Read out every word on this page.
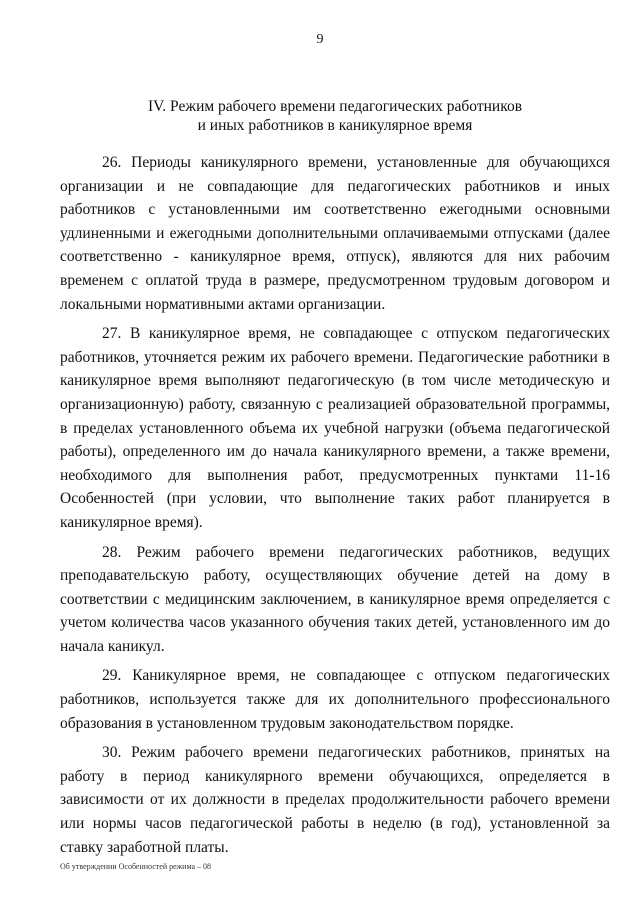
9
IV. Режим рабочего времени педагогических работников
и иных работников в каникулярное время

26. Периоды каникулярного времени, установленные для обучающихся организации и не совпадающие для педагогических работников и иных работников с установленными им соответственно ежегодными основными удлиненными и ежегодными дополнительными оплачиваемыми отпусками (далее соответственно - каникулярное время, отпуск), являются для них рабочим временем с оплатой труда в размере, предусмотренном трудовым договором и локальными нормативными актами организации.

27. В каникулярное время, не совпадающее с отпуском педагогических работников, уточняется режим их рабочего времени. Педагогические работники в каникулярное время выполняют педагогическую (в том числе методическую и организационную) работу, связанную с реализацией образовательной программы, в пределах установленного объема их учебной нагрузки (объема педагогической работы), определенного им до начала каникулярного времени, а также времени, необходимого для выполнения работ, предусмотренных пунктами 11-16 Особенностей (при условии, что выполнение таких работ планируется в каникулярное время).

28. Режим рабочего времени педагогических работников, ведущих преподавательскую работу, осуществляющих обучение детей на дому в соответствии с медицинским заключением, в каникулярное время определяется с учетом количества часов указанного обучения таких детей, установленного им до начала каникул.

29. Каникулярное время, не совпадающее с отпуском педагогических работников, используется также для их дополнительного профессионального образования в установленном трудовым законодательством порядке.

30. Режим рабочего времени педагогических работников, принятых на работу в период каникулярного времени обучающихся, определяется в зависимости от их должности в пределах продолжительности рабочего времени или нормы часов педагогической работы в неделю (в год), установленной за ставку заработной платы.

Об утверждении Особенностей режима – 08
